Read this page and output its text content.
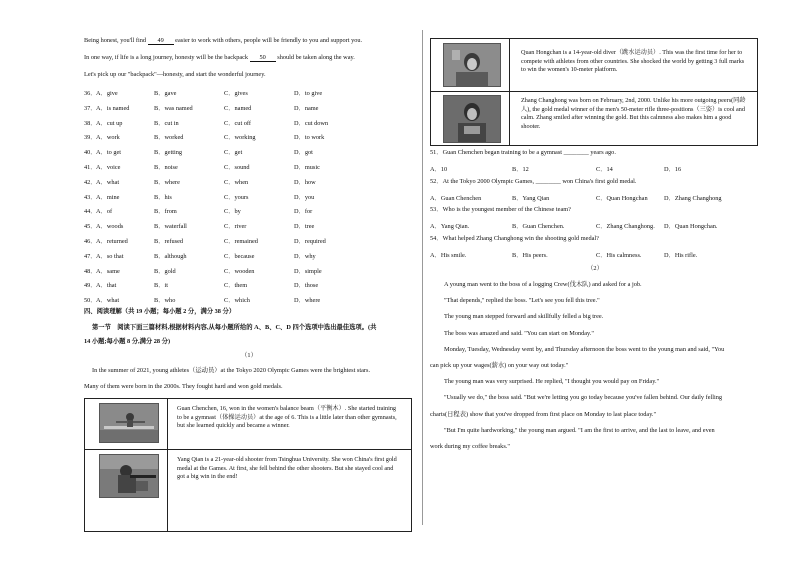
Being honest, you'll find 49 easier to work with others, people will be friendly to you and support you.

In one way, if life is a long journey, honesty will be the backpack 50 should be taken along the way.

Let's pick up our "backpack"—honesty, and start the wonderful journey.

36． A．give	B．gave	C．gives	D．to give
37． A．is named	B．was named	C．named	D．name
38． A．cut up	B．cut in	C．cut off	D．cut down
39． A．work	B．worked	C．working	D．to work
40． A．to get	B．getting	C．get	D．got
41． A．voice	B．noise	C．sound	D．music
42． A．what	B．where	C．when	D．how
43． A．mine	B．his	C．yours	D．you
44． A．of	B．from	C．by	D．for
45． A．woods	B．waterfall	C．river	D．tree
46． A．returned	B．refused	C．remained	D．required
47． A．so that	B．although	C．because	D．why
48． A．same	B．gold	C．wooden	D．simple
49． A．that	B．it	C．them	D．those
50． A．what	B．who	C．which	D．where

四、阅读理解（共 19 小题；每小题 2 分，满分 38 分）

第一节　阅读下面三篇材料,根据材料内容,从每小题所给的 A、B、C、D 四个选项中选出最佳选项。(共

14 小题;每小题 8 分,满分 28 分)

（1）

In the summer of 2021, young athletes（运动员）at the Tokyo 2020 Olympic Games were the brightest stars.

Many of them were born in the 2000s. They fought hard and won gold medals.

Guan Chenchen, 16, won in the women's balance beam（平衡木）. She started training to be a gymnast（体操运动员）at the age of 6. This is a little later than other gymnasts, but she learned quickly and became a winner.
Yang Qian is a 21-year-old shooter from Tsinghua University. She won China's first gold medal at the Games. At first, she fell behind the other shooters. But she stayed cool and got a big win in the end!
Quan Hongchan is a 14-year-old diver（跳水运动员）. This was the first time for her to compete with athletes from other countries. She shocked the world by getting 3 full marks to win the women's 10-meter platform.
Zhang Changhong was born on February, 2nd, 2000. Unlike his more outgoing peers(同龄人), the gold medal winner of the men's 50-meter rifle three-positions（三姿）is cool and calm. Zhang smiled after winning the gold. But this calmness also makes him a good shooter.

51．Guan Chenchen began training to be a gymnast ________ years ago.

A．10	B．12	C．14	D．16

52．At the Tokyo 2000 Olympic Games, ________ won China's first gold medal.

A．Guan Chenchen	B．Yang Qian	C．Quan Hongchan	D．Zhang Changhong

53．Who is the youngest member of the Chinese team?

A．Yang Qian.	B．Guan Chenchen.	C．Zhang Changhong. D．Quan Hongchan.

54．What helped Zhang Changhong win the shooting gold medal?

A．His smile.	B．His peers.	C．His calmness.	D．His rifle.

（2）

A young man went to the boss of a logging Crew(伐木队) and asked for a job.

"That depends," replied the boss. "Let's see you fell this tree."

The young man stepped forward and skillfully felled a big tree.

The boss was amazed and said. "You can start on Monday."

Monday, Tuesday, Wednesday went by, and Thursday afternoon the boss went to the young man and said, "You

can pick up your wages(薪水) on your way out today."

The young man was very surprised. He replied, "I thought you would pay on Friday."

"Usually we do," the boss said. "But we're letting you go today because you've fallen behind. Our daily felling

charts(日程表) show that you've dropped from first place on Monday to last place today."

"But I'm quite hardworking," the young man argued. "I am the first to arrive, and the last to leave, and even

work during my coffee breaks."
